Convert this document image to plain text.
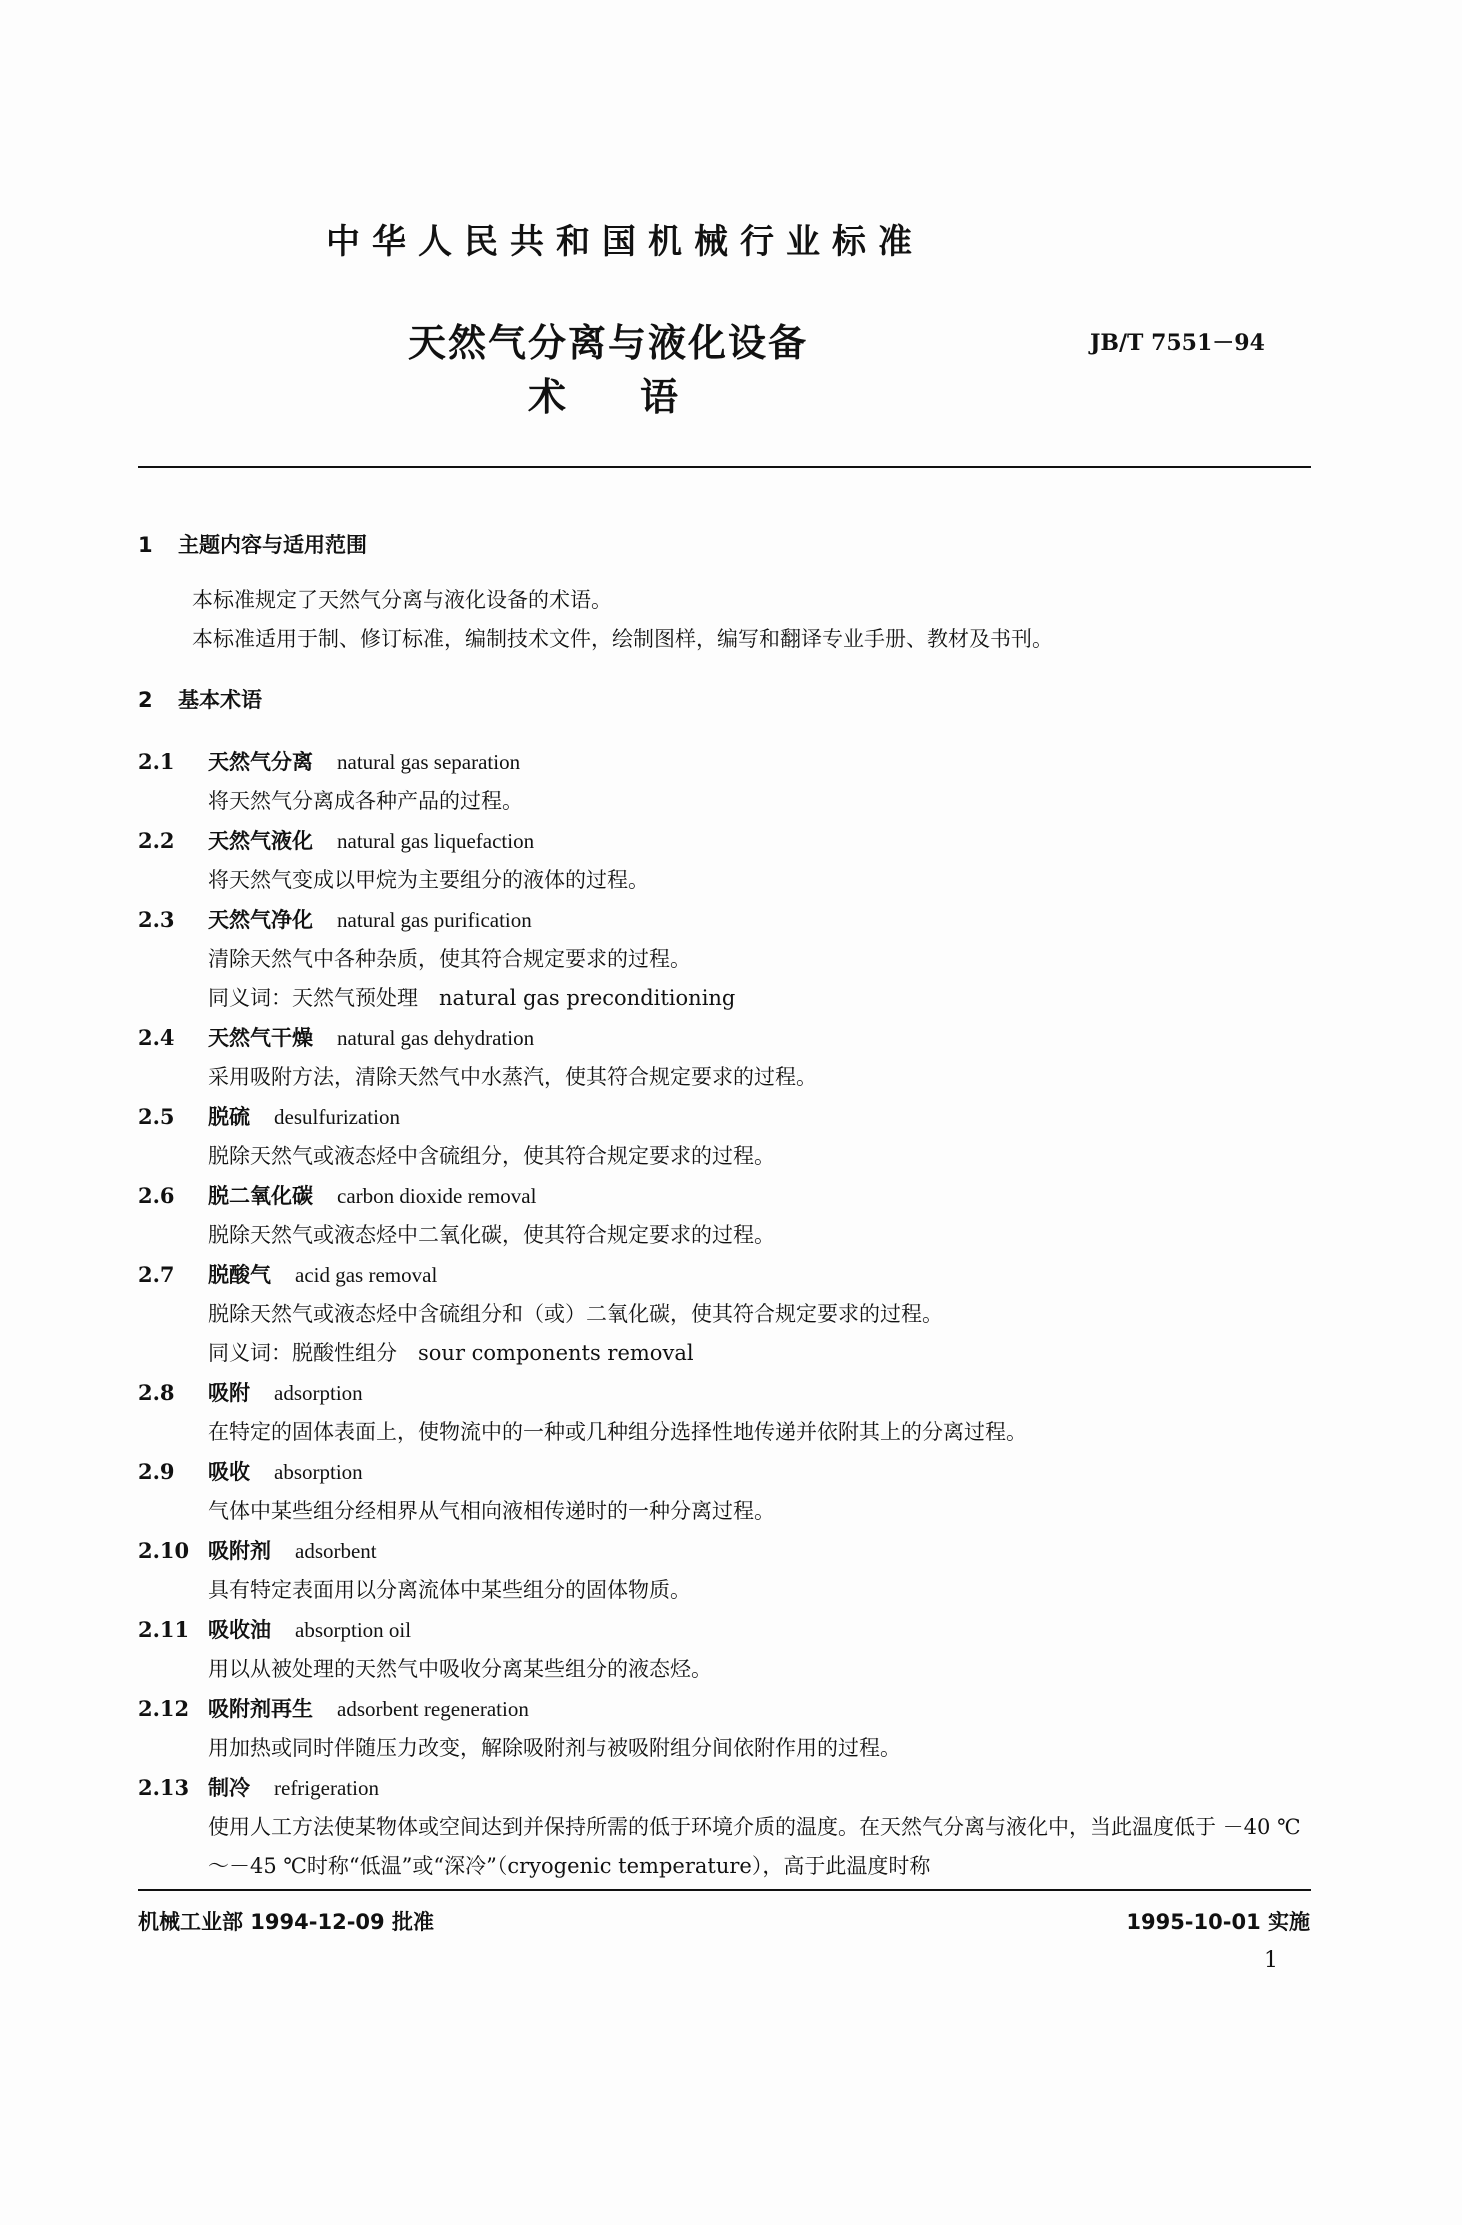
中华人民共和国机械行业标准
天然气分离与液化设备
术语
JB/T 7551－94
1 主题内容与适用范围
本标准规定了天然气分离与液化设备的术语。
本标准适用于制、修订标准，编制技术文件，绘制图样，编写和翻译专业手册、教材及书刊。
2 基本术语
2.1 天然气分离 natural gas separation
将天然气分离成各种产品的过程。
2.2 天然气液化 natural gas liquefaction
将天然气变成以甲烷为主要组分的液体的过程。
2.3 天然气净化 natural gas purification
清除天然气中各种杂质，使其符合规定要求的过程。
同义词：天然气预处理　natural gas preconditioning
2.4 天然气干燥 natural gas dehydration
采用吸附方法，清除天然气中水蒸汽，使其符合规定要求的过程。
2.5 脱硫 desulfurization
脱除天然气或液态烃中含硫组分，使其符合规定要求的过程。
2.6 脱二氧化碳 carbon dioxide removal
脱除天然气或液态烃中二氧化碳，使其符合规定要求的过程。
2.7 脱酸气 acid gas removal
脱除天然气或液态烃中含硫组分和（或）二氧化碳，使其符合规定要求的过程。
同义词：脱酸性组分　sour components removal
2.8 吸附 adsorption
在特定的固体表面上，使物流中的一种或几种组分选择性地传递并依附其上的分离过程。
2.9 吸收 absorption
气体中某些组分经相界从气相向液相传递时的一种分离过程。
2.10 吸附剂 adsorbent
具有特定表面用以分离流体中某些组分的固体物质。
2.11 吸收油 absorption oil
用以从被处理的天然气中吸收分离某些组分的液态烃。
2.12 吸附剂再生 adsorbent regeneration
用加热或同时伴随压力改变，解除吸附剂与被吸附组分间依附作用的过程。
2.13 制冷 refrigeration
使用人工方法使某物体或空间达到并保持所需的低于环境介质的温度。在天然气分离与液化中，当此温度低于 －40 ℃～－45 ℃时称“低温”或“深冷”（cryogenic temperature），高于此温度时称
机械工业部 1994-12-09 批准	1995-10-01 实施
1
